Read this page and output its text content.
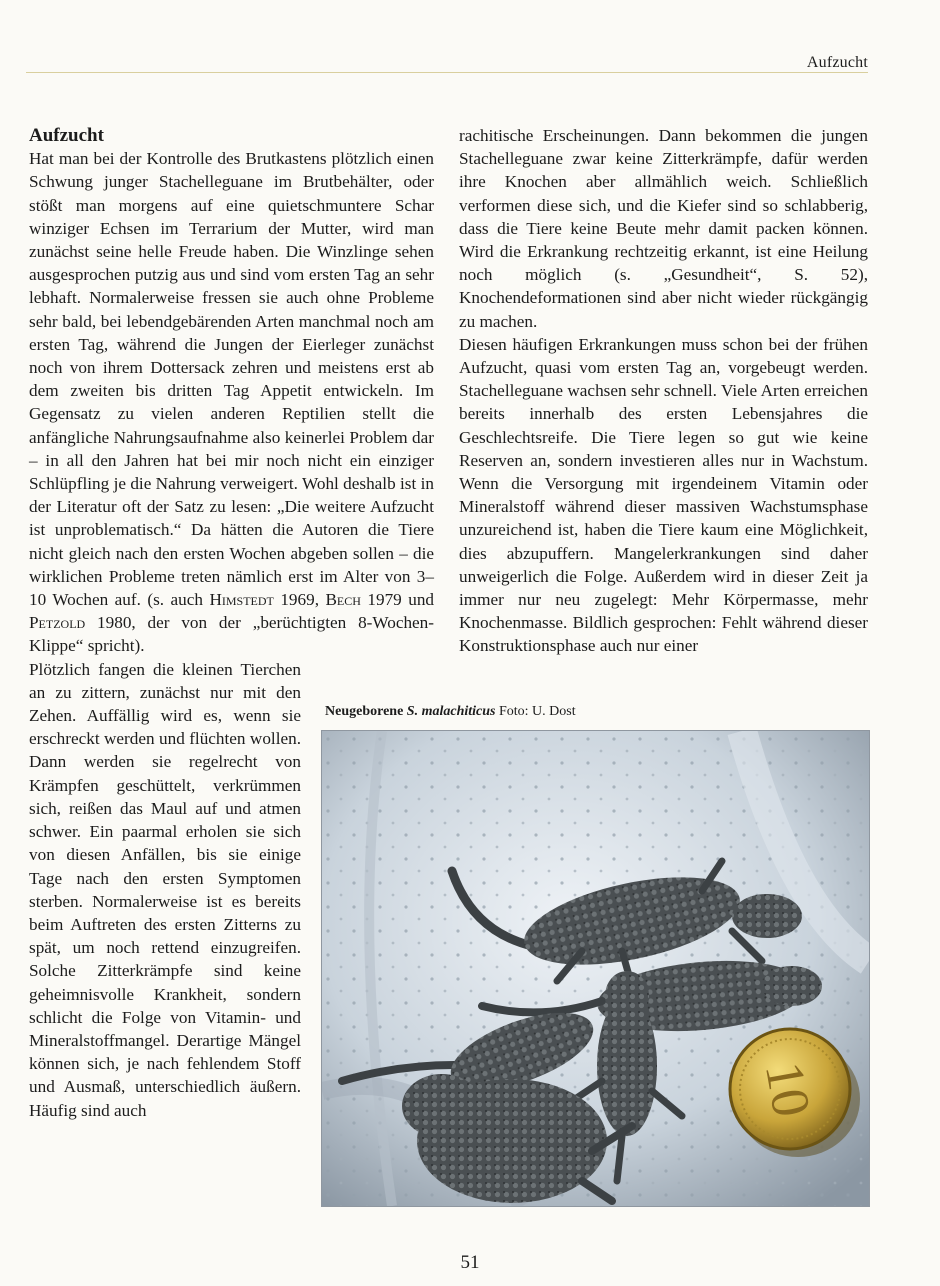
Aufzucht

Aufzucht

Hat man bei der Kontrolle des Brutkastens plötzlich einen Schwung junger Stachelleguane im Brutbehälter, oder stößt man morgens auf eine quietschmuntere Schar winziger Echsen im Terrarium der Mutter, wird man zunächst seine helle Freude haben. Die Winzlinge sehen ausgesprochen putzig aus und sind vom ersten Tag an sehr lebhaft. Normalerweise fressen sie auch ohne Probleme sehr bald, bei lebendgebärenden Arten manchmal noch am ersten Tag, während die Jungen der Eierleger zunächst noch von ihrem Dottersack zehren und meistens erst ab dem zweiten bis dritten Tag Appetit entwickeln. Im Gegensatz zu vielen anderen Reptilien stellt die anfängliche Nahrungsaufnahme also keinerlei Problem dar – in all den Jahren hat bei mir noch nicht ein einziger Schlüpfling je die Nahrung verweigert. Wohl deshalb ist in der Literatur oft der Satz zu lesen: „Die weitere Aufzucht ist unproblematisch.“ Da hätten die Autoren die Tiere nicht gleich nach den ersten Wochen abgeben sollen – die wirklichen Probleme treten nämlich erst im Alter von 3–10 Wochen auf. (s. auch Himstedt 1969, Bech 1979 und Petzold 1980, der von der „berüchtigten 8-Wochen-Klippe“ spricht).

Plötzlich fangen die kleinen Tierchen an zu zittern, zunächst nur mit den Zehen. Auffällig wird es, wenn sie erschreckt werden und flüchten wollen. Dann werden sie regelrecht von Krämpfen geschüttelt, verkrümmen sich, reißen das Maul auf und atmen schwer. Ein paarmal erholen sie sich von diesen Anfällen, bis sie einige Tage nach den ersten Symptomen sterben. Normalerweise ist es bereits beim Auftreten des ersten Zitterns zu spät, um noch rettend einzugreifen. Solche Zitterkrämpfe sind keine geheimnisvolle Krankheit, sondern schlicht die Folge von Vitamin- und Mineralstoffmangel. Derartige Mängel können sich, je nach fehlendem Stoff und Ausmaß, unterschiedlich äußern. Häufig sind auch

rachitische Erscheinungen. Dann bekommen die jungen Stachelleguane zwar keine Zitterkrämpfe, dafür werden ihre Knochen aber allmählich weich. Schließlich verformen diese sich, und die Kiefer sind so schlabberig, dass die Tiere keine Beute mehr damit packen können. Wird die Erkrankung rechtzeitig erkannt, ist eine Heilung noch möglich (s. „Gesundheit“, S. 52), Knochendeformationen sind aber nicht wieder rückgängig zu machen.

Diesen häufigen Erkrankungen muss schon bei der frühen Aufzucht, quasi vom ersten Tag an, vorgebeugt werden. Stachelleguane wachsen sehr schnell. Viele Arten erreichen bereits innerhalb des ersten Lebensjahres die Geschlechtsreife. Die Tiere legen so gut wie keine Reserven an, sondern investieren alles nur in Wachstum. Wenn die Versorgung mit irgendeinem Vitamin oder Mineralstoff während dieser massiven Wachstumsphase unzureichend ist, haben die Tiere kaum eine Möglichkeit, dies abzupuffern. Mangelerkrankungen sind daher unweigerlich die Folge. Außerdem wird in dieser Zeit ja immer nur neu zugelegt: Mehr Körpermasse, mehr Knochenmasse. Bildlich gesprochen: Fehlt während dieser Konstruktionsphase auch nur einer

Neugeborene S. malachiticus Foto: U. Dost
10
51
